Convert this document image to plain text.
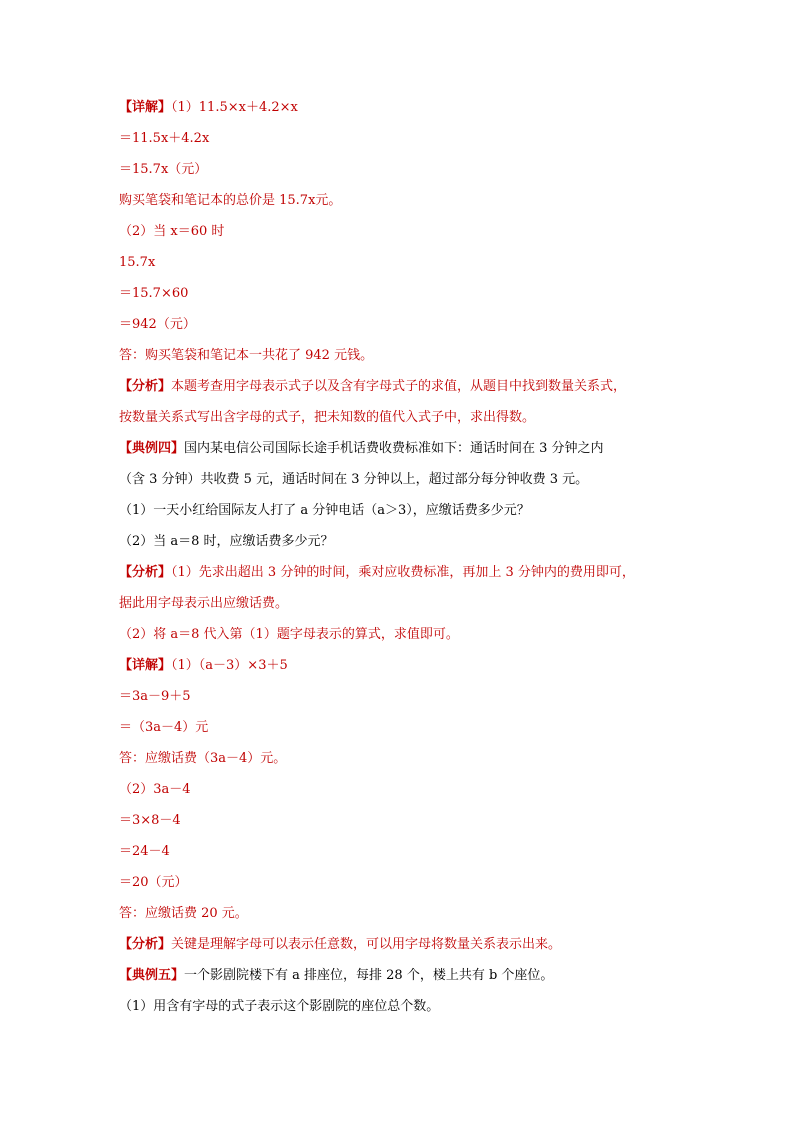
【详解】（1）11.5×x＋4.2×x
＝11.5x＋4.2x
＝15.7x（元）
购买笔袋和笔记本的总价是 15.7x元。
（2）当 x＝60 时
15.7x
＝15.7×60
＝942（元）
答：购买笔袋和笔记本一共花了 942 元钱。
【分析】本题考查用字母表示式子以及含有字母式子的求值，从题目中找到数量关系式，
按数量关系式写出含字母的式子，把未知数的值代入式子中，求出得数。
【典例四】国内某电信公司国际长途手机话费收费标准如下：通话时间在 3 分钟之内
（含 3 分钟）共收费 5 元，通话时间在 3 分钟以上，超过部分每分钟收费 3 元。
（1）一天小红给国际友人打了 a 分钟电话（a＞3），应缴话费多少元？
（2）当 a＝8 时，应缴话费多少元？
【分析】（1）先求出超出 3 分钟的时间，乘对应收费标准，再加上 3 分钟内的费用即可，
据此用字母表示出应缴话费。
（2）将 a＝8 代入第（1）题字母表示的算式，求值即可。
【详解】（1）（a－3）×3＋5
＝3a－9＋5
＝（3a－4）元
答：应缴话费（3a－4）元。
（2）3a－4
＝3×8－4
＝24－4
＝20（元）
答：应缴话费 20 元。
【分析】关键是理解字母可以表示任意数，可以用字母将数量关系表示出来。
【典例五】一个影剧院楼下有 a 排座位，每排 28 个，楼上共有 b 个座位。
（1）用含有字母的式子表示这个影剧院的座位总个数。
